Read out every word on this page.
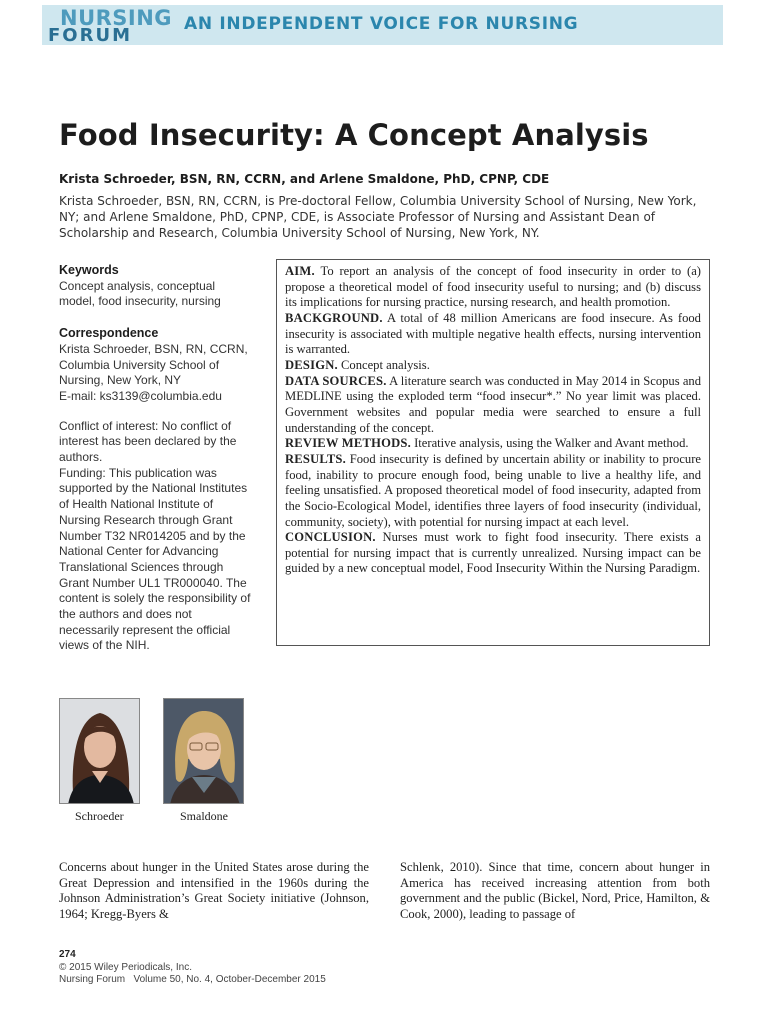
NURSING
FORUM
AN INDEPENDENT VOICE FOR NURSING
Food Insecurity: A Concept Analysis
Krista Schroeder, BSN, RN, CCRN, and Arlene Smaldone, PhD, CPNP, CDE
Krista Schroeder, BSN, RN, CCRN, is Pre-doctoral Fellow, Columbia University School of Nursing, New York, NY; and Arlene Smaldone, PhD, CPNP, CDE, is Associate Professor of Nursing and Assistant Dean of Scholarship and Research, Columbia University School of Nursing, New York, NY.
Keywords
Concept analysis, conceptual model, food insecurity, nursing
Correspondence
Krista Schroeder, BSN, RN, CCRN, Columbia University School of Nursing, New York, NY
E-mail: ks3139@columbia.edu
Conflict of interest: No conflict of interest has been declared by the authors.
Funding: This publication was supported by the National Institutes of Health National Institute of Nursing Research through Grant Number T32 NR014205 and by the National Center for Advancing Translational Sciences through Grant Number UL1 TR000040. The content is solely the responsibility of the authors and does not necessarily represent the official views of the NIH.

AIM. To report an analysis of the concept of food insecurity in order to (a) propose a theoretical model of food insecurity useful to nursing; and (b) discuss its implications for nursing practice, nursing research, and health promotion.

BACKGROUND. A total of 48 million Americans are food insecure. As food insecurity is associated with multiple negative health effects, nursing intervention is warranted.

DESIGN. Concept analysis.

DATA SOURCES. A literature search was conducted in May 2014 in Scopus and MEDLINE using the exploded term “food insecur*.” No year limit was placed. Government websites and popular media were searched to ensure a full understanding of the concept.

REVIEW METHODS. Iterative analysis, using the Walker and Avant method.

RESULTS. Food insecurity is defined by uncertain ability or inability to procure food, inability to procure enough food, being unable to live a healthy life, and feeling unsatisfied. A proposed theoretical model of food insecurity, adapted from the Socio-Ecological Model, identifies three layers of food insecurity (individual, community, society), with potential for nursing impact at each level.

CONCLUSION. Nurses must work to fight food insecurity. There exists a potential for nursing impact that is currently unrealized. Nursing impact can be guided by a new conceptual model, Food Insecurity Within the Nursing Paradigm.

Schroeder	Smaldone
Concerns about hunger in the United States arose during the Great Depression and intensified in the 1960s during the Johnson Administration’s Great Society initiative (Johnson, 1964; Kregg-Byers &
Schlenk, 2010). Since that time, concern about hunger in America has received increasing attention from both government and the public (Bickel, Nord, Price, Hamilton, & Cook, 2000), leading to passage of
274
© 2015 Wiley Periodicals, Inc.
Nursing Forum   Volume 50, No. 4, October-December 2015
